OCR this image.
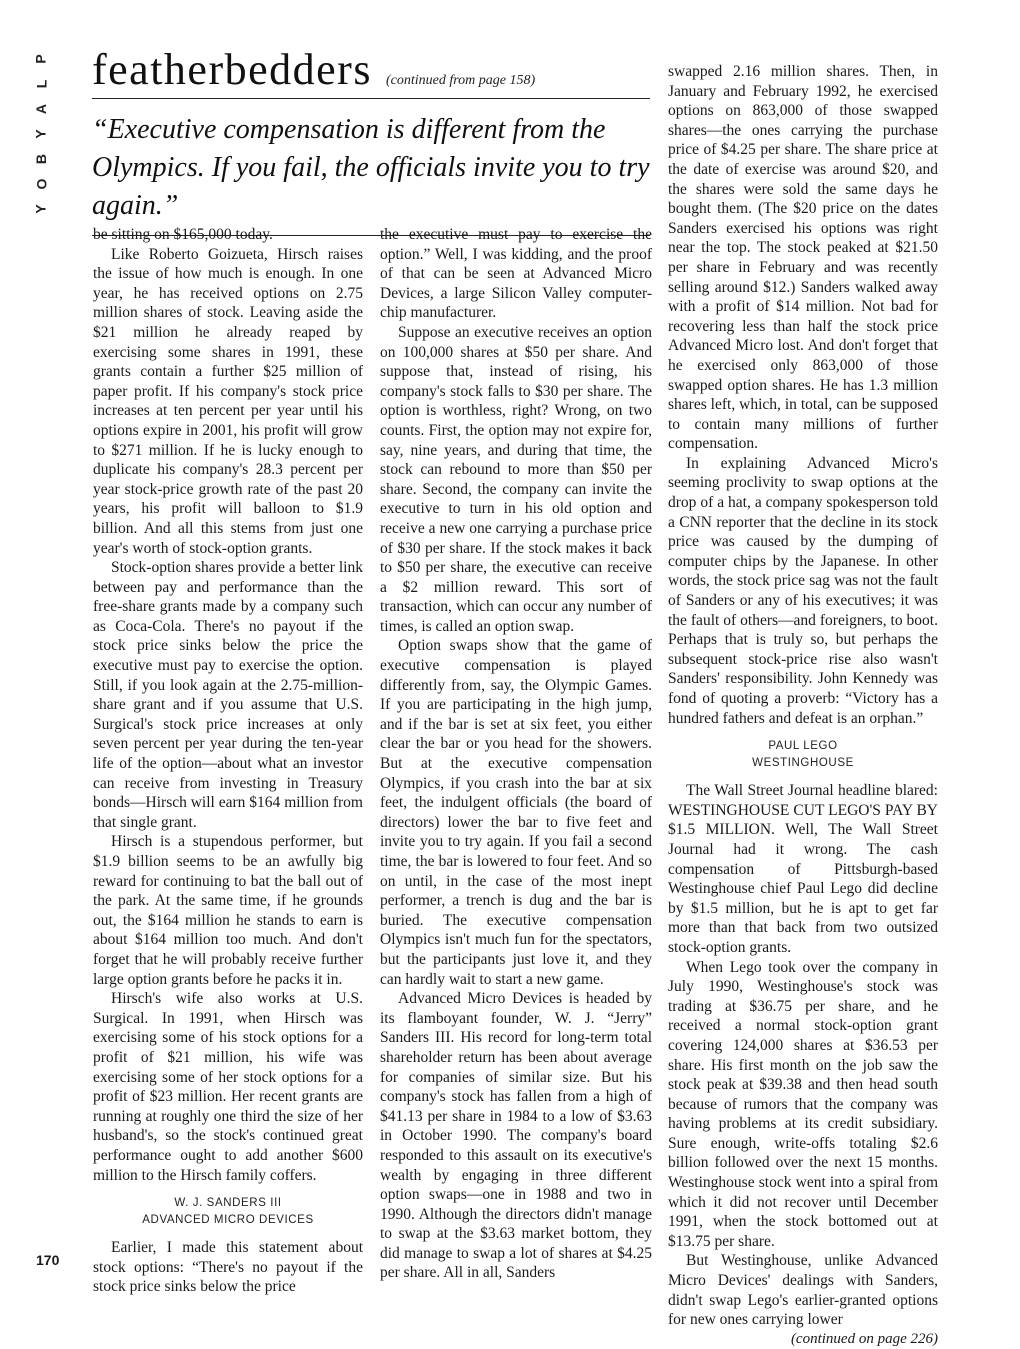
P
L
A
Y
B
O
Y
featherbedders (continued from page 158)
“Executive compensation is different from the Olympics. If you fail, the officials invite you to try again.”

be sitting on $165,000 today.

Like Roberto Goizueta, Hirsch raises the issue of how much is enough. In one year, he has received options on 2.75 million shares of stock. Leaving aside the $21 million he already reaped by exercising some shares in 1991, these grants contain a further $25 million of paper profit. If his company's stock price increases at ten percent per year until his options expire in 2001, his profit will grow to $271 million. If he is lucky enough to duplicate his company's 28.3 percent per year stock-price growth rate of the past 20 years, his profit will balloon to $1.9 billion. And all this stems from just one year's worth of stock-option grants.

Stock-option shares provide a better link between pay and performance than the free-share grants made by a company such as Coca-Cola. There's no payout if the stock price sinks below the price the executive must pay to exercise the option. Still, if you look again at the 2.75-million-share grant and if you assume that U.S. Surgical's stock price increases at only seven percent per year during the ten-year life of the option—about what an investor can receive from investing in Treasury bonds—Hirsch will earn $164 million from that single grant.

Hirsch is a stupendous performer, but $1.9 billion seems to be an awfully big reward for continuing to bat the ball out of the park. At the same time, if he grounds out, the $164 million he stands to earn is about $164 million too much. And don't forget that he will probably receive further large option grants before he packs it in.

Hirsch's wife also works at U.S. Surgical. In 1991, when Hirsch was exercising some of his stock options for a profit of $21 million, his wife was exercising some of her stock options for a profit of $23 million. Her recent grants are running at roughly one third the size of her husband's, so the stock's continued great performance ought to add another $600 million to the Hirsch family coffers.

W. J. SANDERS III
ADVANCED MICRO DEVICES

Earlier, I made this statement about stock options: “There's no payout if the stock price sinks below the price

the executive must pay to exercise the option.” Well, I was kidding, and the proof of that can be seen at Advanced Micro Devices, a large Silicon Valley computer-chip manufacturer.

Suppose an executive receives an option on 100,000 shares at $50 per share. And suppose that, instead of rising, his company's stock falls to $30 per share. The option is worthless, right? Wrong, on two counts. First, the option may not expire for, say, nine years, and during that time, the stock can rebound to more than $50 per share. Second, the company can invite the executive to turn in his old option and receive a new one carrying a purchase price of $30 per share. If the stock makes it back to $50 per share, the executive can receive a $2 million reward. This sort of transaction, which can occur any number of times, is called an option swap.

Option swaps show that the game of executive compensation is played differently from, say, the Olympic Games. If you are participating in the high jump, and if the bar is set at six feet, you either clear the bar or you head for the showers. But at the executive compensation Olympics, if you crash into the bar at six feet, the indulgent officials (the board of directors) lower the bar to five feet and invite you to try again. If you fail a second time, the bar is lowered to four feet. And so on until, in the case of the most inept performer, a trench is dug and the bar is buried. The executive compensation Olympics isn't much fun for the spectators, but the participants just love it, and they can hardly wait to start a new game.

Advanced Micro Devices is headed by its flamboyant founder, W. J. “Jerry” Sanders III. His record for long-term total shareholder return has been about average for companies of similar size. But his company's stock has fallen from a high of $41.13 per share in 1984 to a low of $3.63 in October 1990. The company's board responded to this assault on its executive's wealth by engaging in three different option swaps—one in 1988 and two in 1990. Although the directors didn't manage to swap at the $3.63 market bottom, they did manage to swap a lot of shares at $4.25 per share. All in all, Sanders

swapped 2.16 million shares. Then, in January and February 1992, he exercised options on 863,000 of those swapped shares—the ones carrying the purchase price of $4.25 per share. The share price at the date of exercise was around $20, and the shares were sold the same days he bought them. (The $20 price on the dates Sanders exercised his options was right near the top. The stock peaked at $21.50 per share in February and was recently selling around $12.) Sanders walked away with a profit of $14 million. Not bad for recovering less than half the stock price Advanced Micro lost. And don't forget that he exercised only 863,000 of those swapped option shares. He has 1.3 million shares left, which, in total, can be supposed to contain many millions of further compensation.

In explaining Advanced Micro's seeming proclivity to swap options at the drop of a hat, a company spokesperson told a CNN reporter that the decline in its stock price was caused by the dumping of computer chips by the Japanese. In other words, the stock price sag was not the fault of Sanders or any of his executives; it was the fault of others—and foreigners, to boot. Perhaps that is truly so, but perhaps the subsequent stock-price rise also wasn't Sanders' responsibility. John Kennedy was fond of quoting a proverb: “Victory has a hundred fathers and defeat is an orphan.”

PAUL LEGO
WESTINGHOUSE

The Wall Street Journal headline blared: WESTINGHOUSE CUT LEGO'S PAY BY $1.5 MILLION. Well, The Wall Street Journal had it wrong. The cash compensation of Pittsburgh-based Westinghouse chief Paul Lego did decline by $1.5 million, but he is apt to get far more than that back from two outsized stock-option grants.

When Lego took over the company in July 1990, Westinghouse's stock was trading at $36.75 per share, and he received a normal stock-option grant covering 124,000 shares at $36.53 per share. His first month on the job saw the stock peak at $39.38 and then head south because of rumors that the company was having problems at its credit subsidiary. Sure enough, write-offs totaling $2.6 billion followed over the next 15 months. Westinghouse stock went into a spiral from which it did not recover until December 1991, when the stock bottomed out at $13.75 per share.

But Westinghouse, unlike Advanced Micro Devices' dealings with Sanders, didn't swap Lego's earlier-granted options for new ones carrying lower

(continued on page 226)
170
